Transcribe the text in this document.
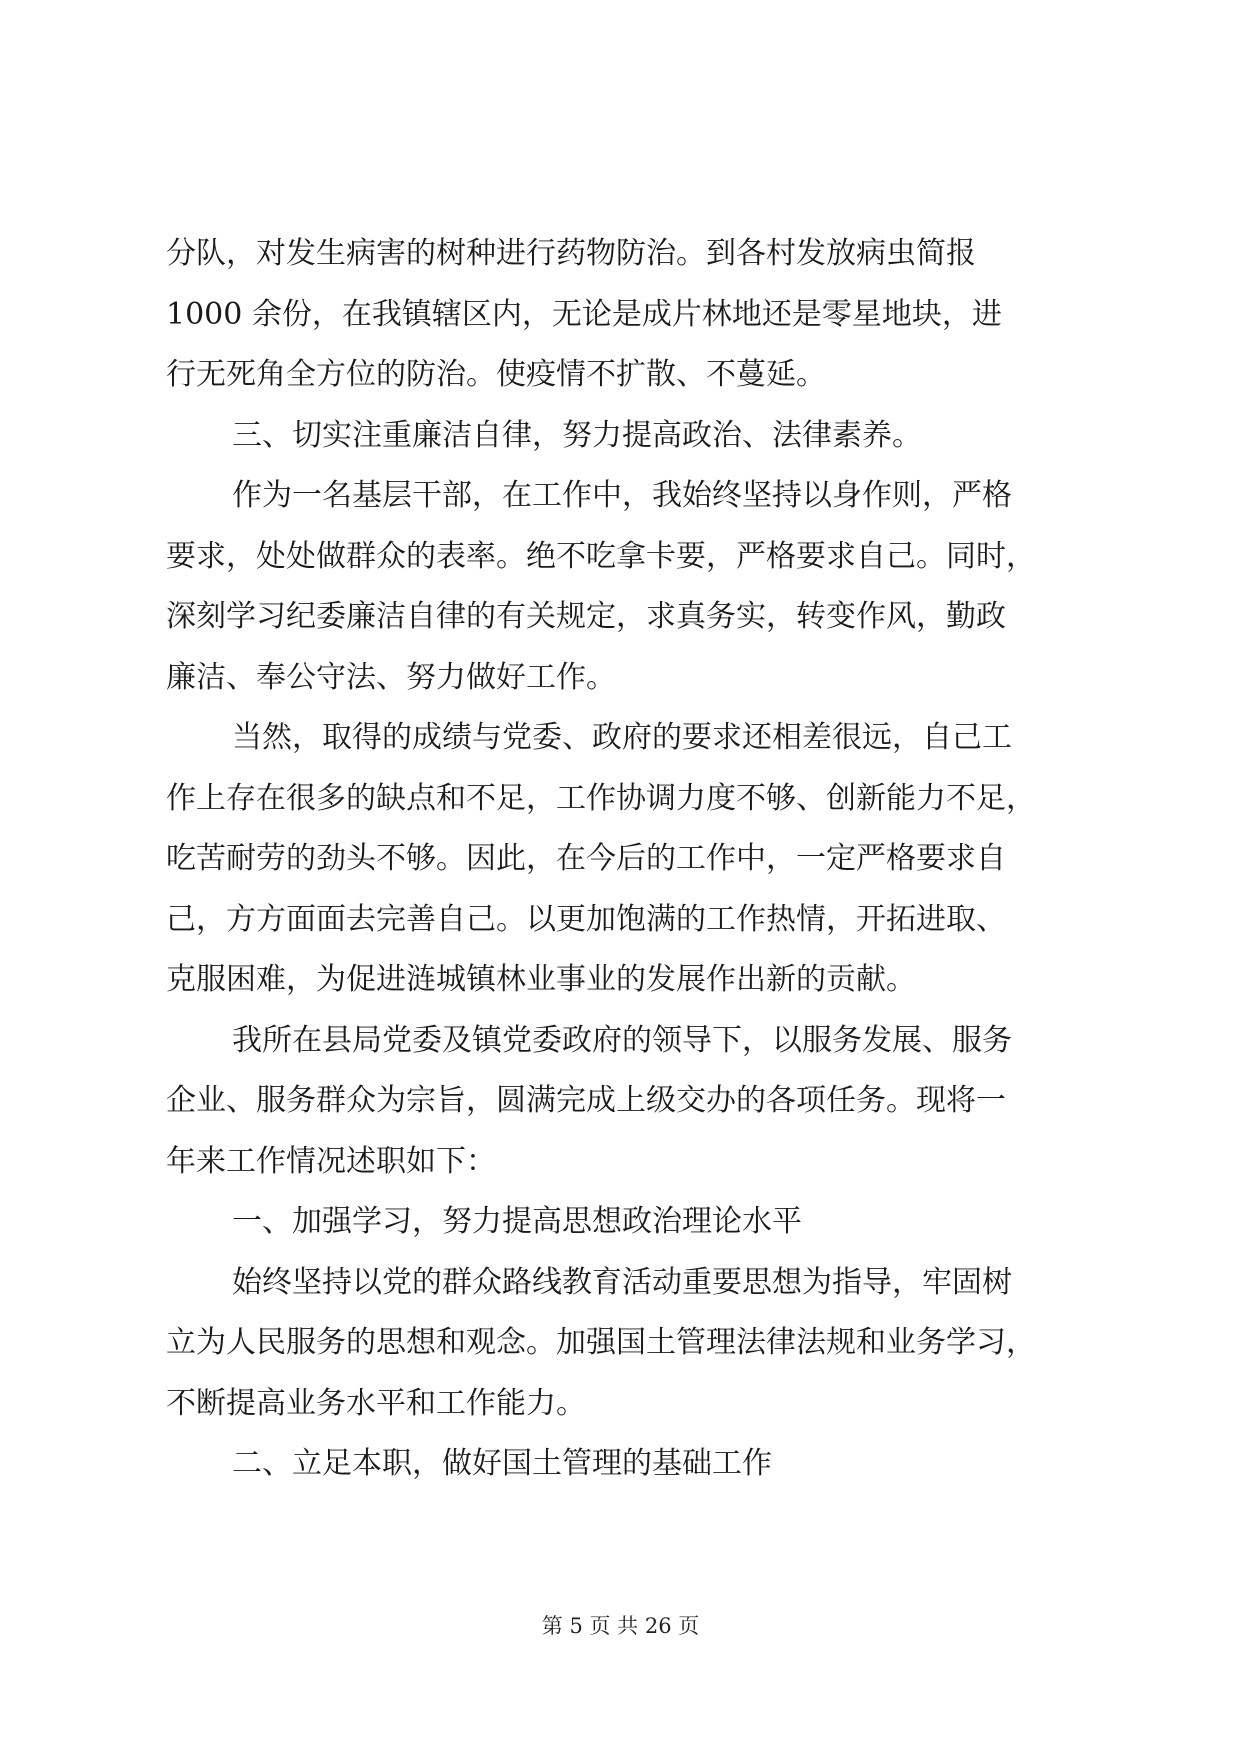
分队，对发生病害的树种进行药物防治。到各村发放病虫简报
1000 余份，在我镇辖区内，无论是成片林地还是零星地块，进
行无死角全方位的防治。使疫情不扩散、不蔓延。
三、切实注重廉洁自律，努力提高政治、法律素养。
作为一名基层干部，在工作中，我始终坚持以身作则，严格
要求，处处做群众的表率。绝不吃拿卡要，严格要求自己。同时，
深刻学习纪委廉洁自律的有关规定，求真务实，转变作风，勤政
廉洁、奉公守法、努力做好工作。
当然，取得的成绩与党委、政府的要求还相差很远，自己工
作上存在很多的缺点和不足，工作协调力度不够、创新能力不足，
吃苦耐劳的劲头不够。因此，在今后的工作中，一定严格要求自
己，方方面面去完善自己。以更加饱满的工作热情，开拓进取、
克服困难，为促进涟城镇林业事业的发展作出新的贡献。
我所在县局党委及镇党委政府的领导下，以服务发展、服务
企业、服务群众为宗旨，圆满完成上级交办的各项任务。现将一
年来工作情况述职如下：
一、加强学习，努力提高思想政治理论水平
始终坚持以党的群众路线教育活动重要思想为指导，牢固树
立为人民服务的思想和观念。加强国土管理法律法规和业务学习，
不断提高业务水平和工作能力。
二、立足本职，做好国土管理的基础工作
第 5 页 共 26 页
